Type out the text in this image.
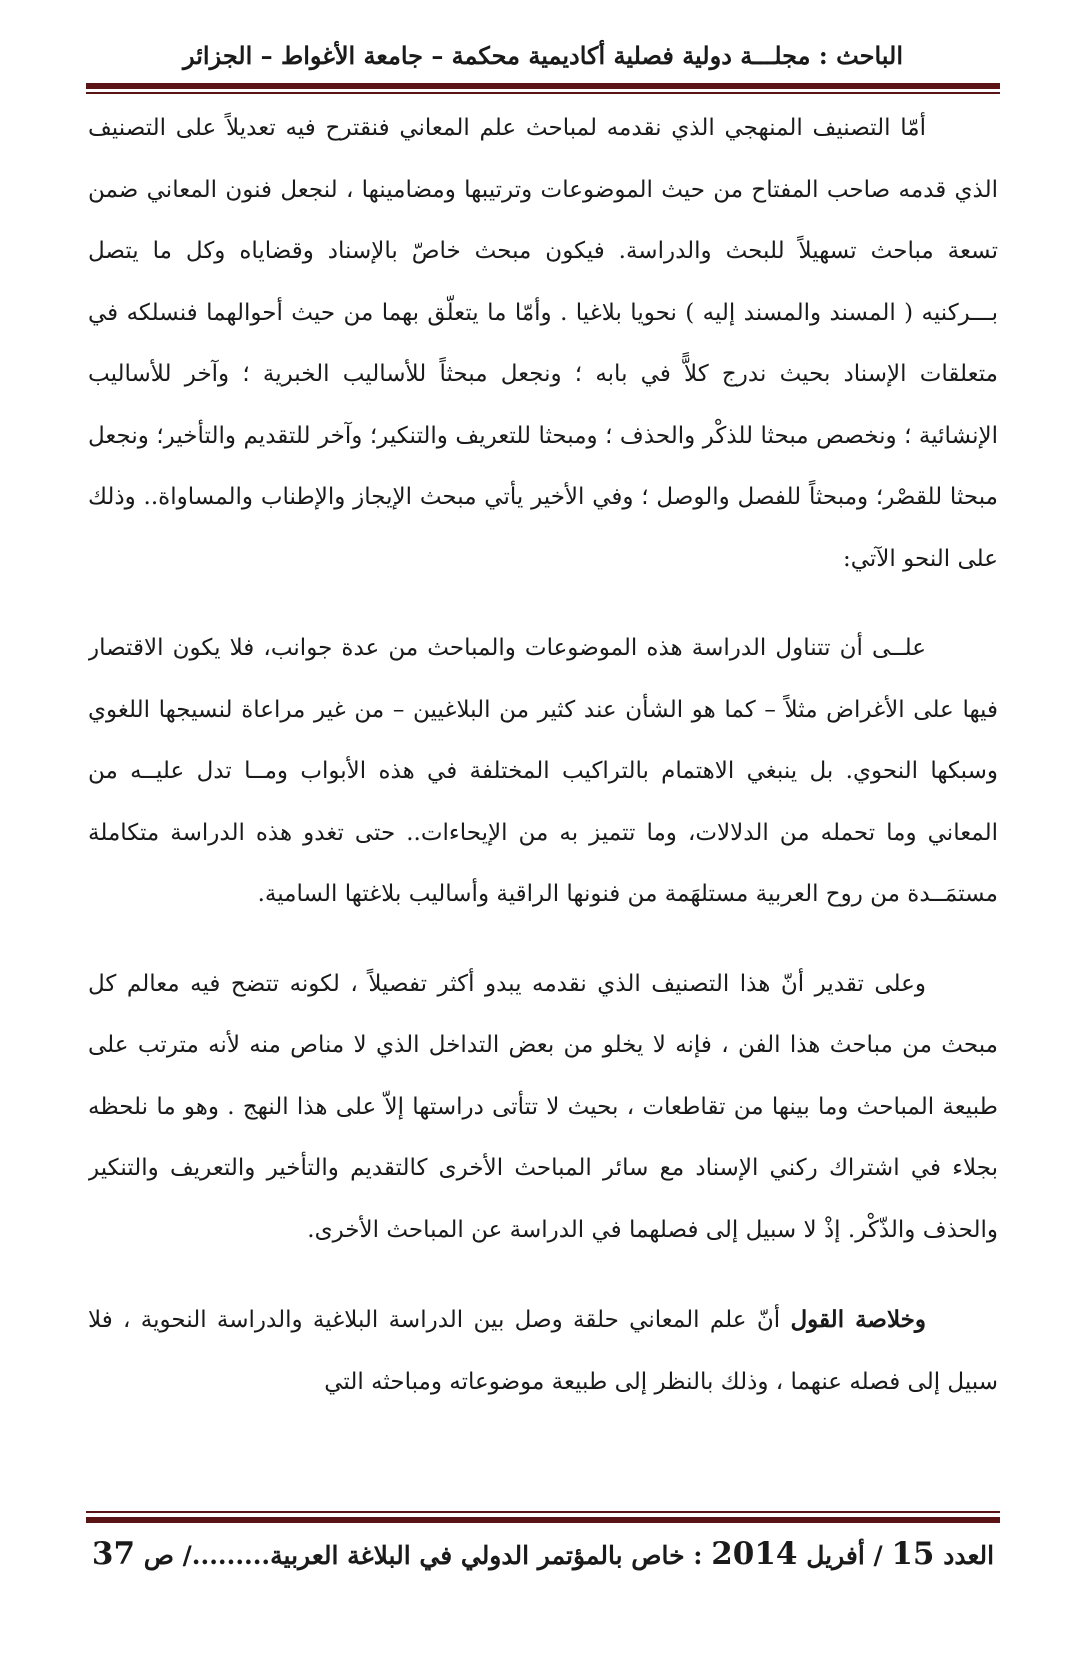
الباحث : مجلـــة دولية فصلية أكاديمية محكمة – جامعة الأغواط – الجزائر

أمّا التصنيف المنهجي الذي نقدمه لمباحث علم المعاني فنقترح فيه تعديلاً على التصنيف الذي قدمه صاحب المفتاح من حيث الموضوعات وترتيبها ومضامينها ، لنجعل فنون المعاني ضمن تسعة مباحث تسهيلاً للبحث والدراسة. فيكون مبحث خاصّ بالإسناد وقضاياه وكل ما يتصل بـــركنيه ( المسند والمسند إليه ) نحويا بلاغيا . وأمّا ما يتعلّق بهما من حيث أحوالهما فنسلكه في متعلقات الإسناد بحيث ندرج كلاًّ في بابه ؛ ونجعل مبحثاً للأساليب الخبرية ؛ وآخر للأساليب الإنشائية ؛ ونخصص مبحثا للذكْر والحذف ؛ ومبحثا للتعريف والتنكير؛ وآخر للتقديم والتأخير؛ ونجعل مبحثا للقصْر؛ ومبحثاً للفصل والوصل ؛ وفي الأخير يأتي مبحث الإيجاز والإطناب والمساواة.. وذلك على النحو الآتي:

علــى أن تتناول الدراسة هذه الموضوعات والمباحث من عدة جوانب، فلا يكون الاقتصار فيها على الأغراض مثلاً – كما هو الشأن عند كثير من البلاغيين – من غير مراعاة لنسيجها اللغوي وسبكها النحوي. بل ينبغي الاهتمام بالتراكيب المختلفة في هذه الأبواب ومــا تدل عليــه من المعاني وما تحمله من الدلالات، وما تتميز به من الإيحاءات.. حتى تغدو هذه الدراسة متكاملة مستمَــدة من روح العربية مستلهَمة من فنونها الراقية وأساليب بلاغتها السامية.

وعلى تقدير أنّ هذا التصنيف الذي نقدمه يبدو أكثر تفصيلاً ، لكونه تتضح فيه معالم كل مبحث من مباحث هذا الفن ، فإنه لا يخلو من بعض التداخل الذي لا مناص منه لأنه مترتب على طبيعة المباحث وما بينها من تقاطعات ، بحيث لا تتأتى دراستها إلاّ على هذا النهج . وهو ما نلحظه بجلاء في اشتراك ركني الإسناد مع سائر المباحث الأخرى كالتقديم والتأخير والتعريف والتنكير والحذف والذّكْر. إذْ لا سبيل إلى فصلهما في الدراسة عن المباحث الأخرى.

وخلاصة القول أنّ علم المعاني حلقة وصل بين الدراسة البلاغية والدراسة النحوية ، فلا سبيل إلى فصله عنهما ، وذلك بالنظر إلى طبيعة موضوعاته ومباحثه التي

العدد 15 / أفريل 2014 : خاص بالمؤتمر الدولي في البلاغة العربية........./ ص 37
